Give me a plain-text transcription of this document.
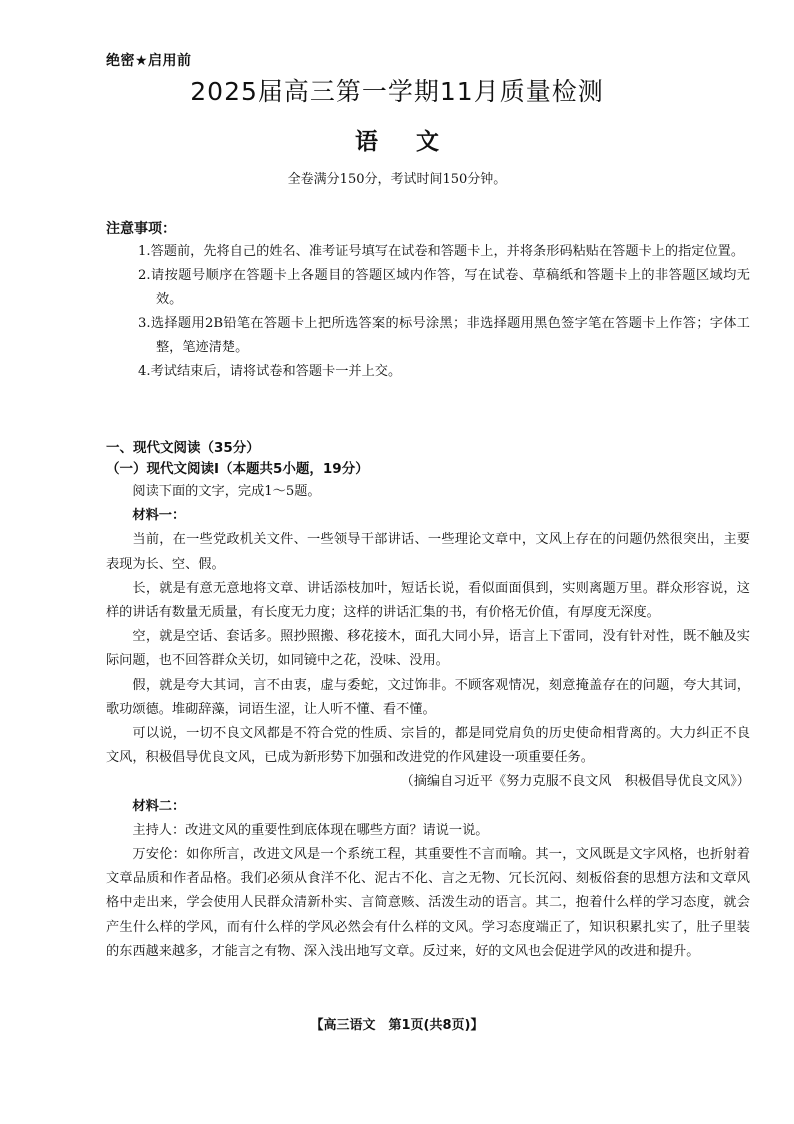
绝密★启用前
2025届高三第一学期11月质量检测
语文
全卷满分150分，考试时间150分钟。
注意事项：
1.答题前，先将自己的姓名、准考证号填写在试卷和答题卡上，并将条形码粘贴在答题卡上的指定位置。
2.请按题号顺序在答题卡上各题目的答题区域内作答，写在试卷、草稿纸和答题卡上的非答题区域均无效。
3.选择题用2B铅笔在答题卡上把所选答案的标号涂黑；非选择题用黑色签字笔在答题卡上作答；字体工整，笔迹清楚。
4.考试结束后，请将试卷和答题卡一并上交。
一、现代文阅读（35分）
（一）现代文阅读Ⅰ（本题共5小题，19分）

阅读下面的文字，完成1～5题。

材料一：

当前，在一些党政机关文件、一些领导干部讲话、一些理论文章中，文风上存在的问题仍然很突出，主要表现为长、空、假。

长，就是有意无意地将文章、讲话添枝加叶，短话长说，看似面面俱到，实则离题万里。群众形容说，这样的讲话有数量无质量，有长度无力度；这样的讲话汇集的书，有价格无价值，有厚度无深度。

空，就是空话、套话多。照抄照搬、移花接木，面孔大同小异，语言上下雷同，没有针对性，既不触及实际问题，也不回答群众关切，如同镜中之花，没味、没用。

假，就是夸大其词，言不由衷，虚与委蛇，文过饰非。不顾客观情况，刻意掩盖存在的问题，夸大其词，歌功颂德。堆砌辞藻，词语生涩，让人听不懂、看不懂。

可以说，一切不良文风都是不符合党的性质、宗旨的，都是同党肩负的历史使命相背离的。大力纠正不良文风，积极倡导优良文风，已成为新形势下加强和改进党的作风建设一项重要任务。

（摘编自习近平《努力克服不良文风　积极倡导优良文风》）

材料二：

主持人：改进文风的重要性到底体现在哪些方面？请说一说。

万安伦：如你所言，改进文风是一个系统工程，其重要性不言而喻。其一，文风既是文字风格，也折射着文章品质和作者品格。我们必须从食洋不化、泥古不化、言之无物、冗长沉闷、刻板俗套的思想方法和文章风格中走出来，学会使用人民群众清新朴实、言简意赅、活泼生动的语言。其二，抱着什么样的学习态度，就会产生什么样的学风，而有什么样的学风必然会有什么样的文风。学习态度端正了，知识积累扎实了，肚子里装的东西越来越多，才能言之有物、深入浅出地写文章。反过来，好的文风也会促进学风的改进和提升。

【高三语文　第1页(共8页)】
